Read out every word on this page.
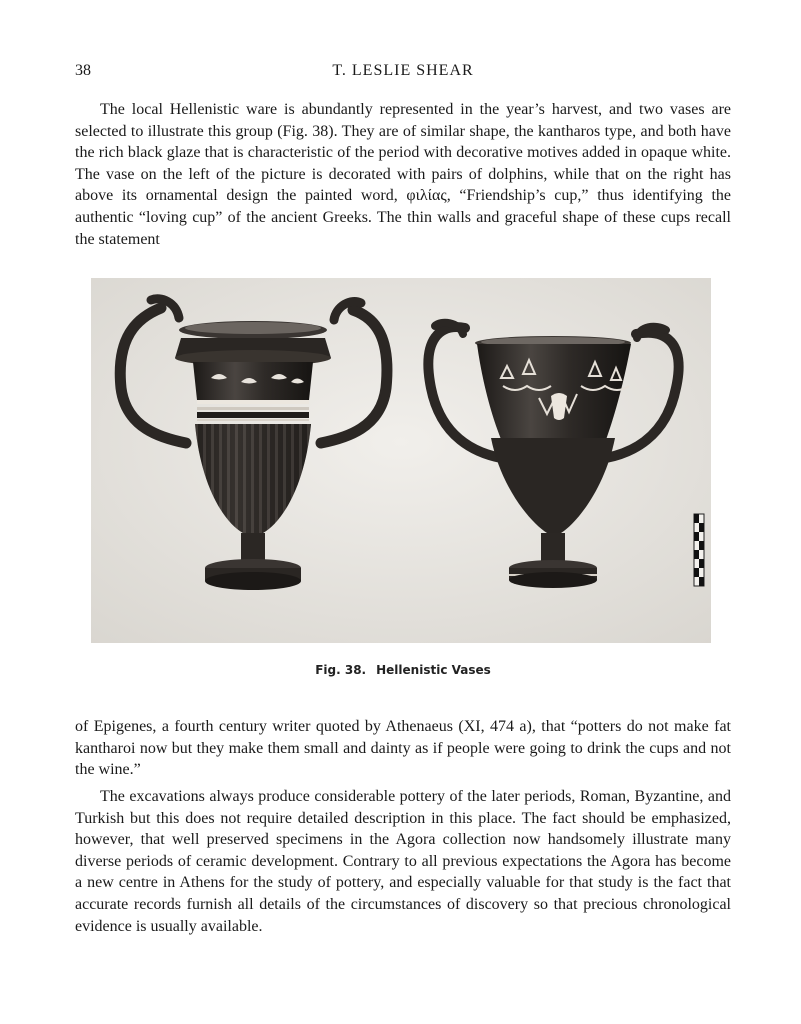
38	T. LESLIE SHEAR

The local Hellenistic ware is abundantly represented in the year’s harvest, and two vases are selected to illustrate this group (Fig. 38). They are of similar shape, the kantharos type, and both have the rich black glaze that is characteristic of the period with decorative motives added in opaque white. The vase on the left of the picture is decorated with pairs of dolphins, while that on the right has above its ornamental design the painted word, φιλίας, “Friendship’s cup,” thus identifying the authentic “loving cup” of the ancient Greeks. The thin walls and graceful shape of these cups recall the statement

Fig. 38. Hellenistic Vases

of Epigenes, a fourth century writer quoted by Athenaeus (XI, 474 a), that “potters do not make fat kantharoi now but they make them small and dainty as if people were going to drink the cups and not the wine.”

The excavations always produce considerable pottery of the later periods, Roman, Byzantine, and Turkish but this does not require detailed description in this place. The fact should be emphasized, however, that well preserved specimens in the Agora collection now handsomely illustrate many diverse periods of ceramic development. Contrary to all previous expectations the Agora has become a new centre in Athens for the study of pottery, and especially valuable for that study is the fact that accurate records furnish all details of the circumstances of discovery so that precious chronological evidence is usually available.
